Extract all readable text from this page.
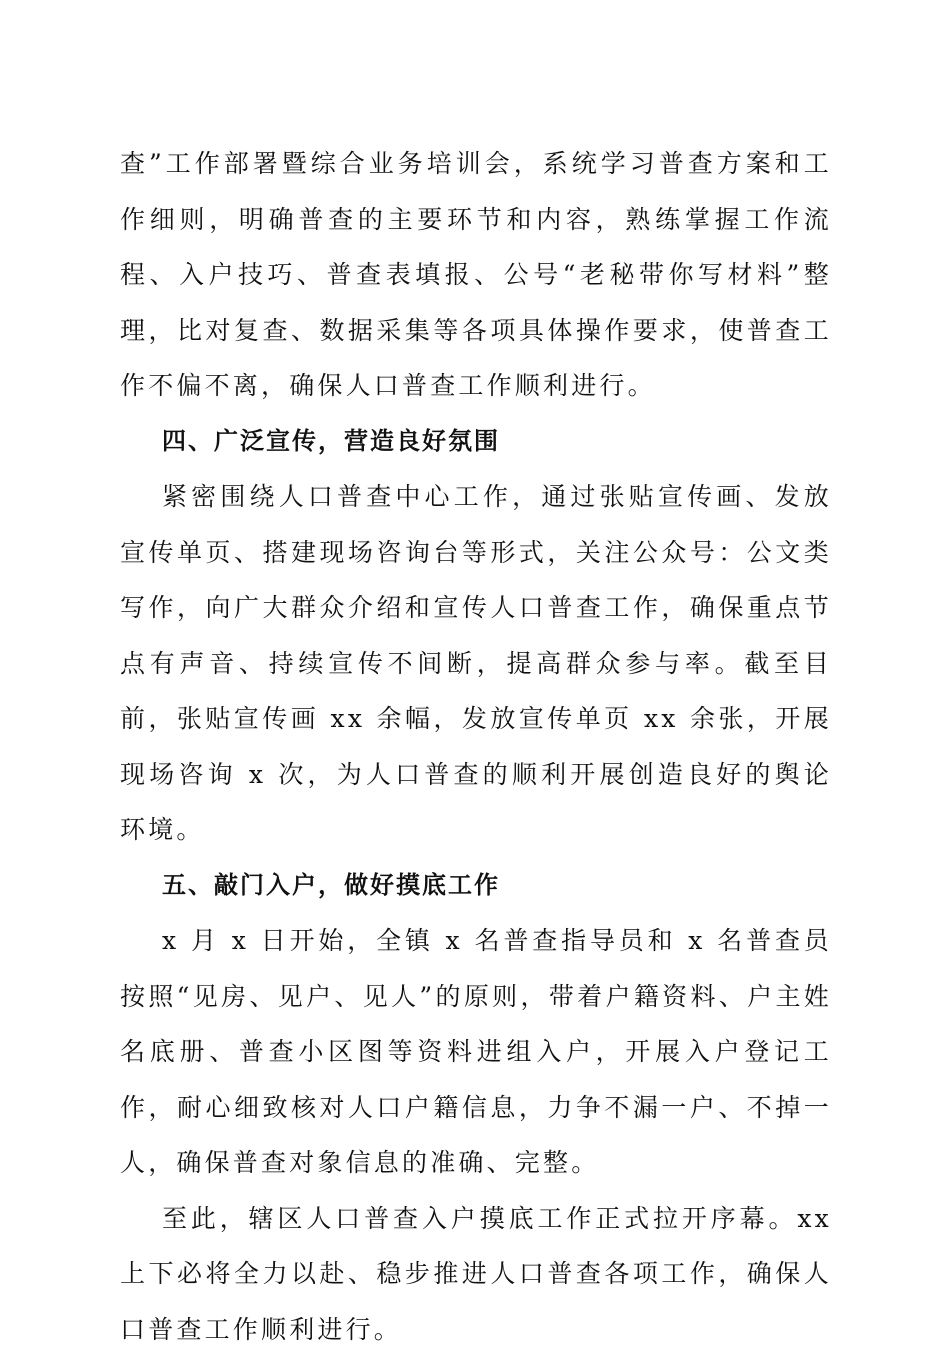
查”工作部署暨综合业务培训会，系统学习普查方案和工作细则，明确普查的主要环节和内容，熟练掌握工作流程、入户技巧、普查表填报、公号“老秘带你写材料”整理，比对复查、数据采集等各项具体操作要求，使普查工作不偏不离，确保人口普查工作顺利进行。

四、广泛宣传，营造良好氛围

紧密围绕人口普查中心工作，通过张贴宣传画、发放宣传单页、搭建现场咨询台等形式，关注公众号：公文类写作，向广大群众介绍和宣传人口普查工作，确保重点节点有声音、持续宣传不间断，提高群众参与率。截至目前，张贴宣传画 xx 余幅，发放宣传单页 xx 余张，开展现场咨询 x 次，为人口普查的顺利开展创造良好的舆论环境。

五、敲门入户，做好摸底工作

x 月 x 日开始，全镇 x 名普查指导员和 x 名普查员按照“见房、见户、见人”的原则，带着户籍资料、户主姓名底册、普查小区图等资料进组入户，开展入户登记工作，耐心细致核对人口户籍信息，力争不漏一户、不掉一人，确保普查对象信息的准确、完整。

至此，辖区人口普查入户摸底工作正式拉开序幕。xx 上下必将全力以赴、稳步推进人口普查各项工作，确保人口普查工作顺利进行。
